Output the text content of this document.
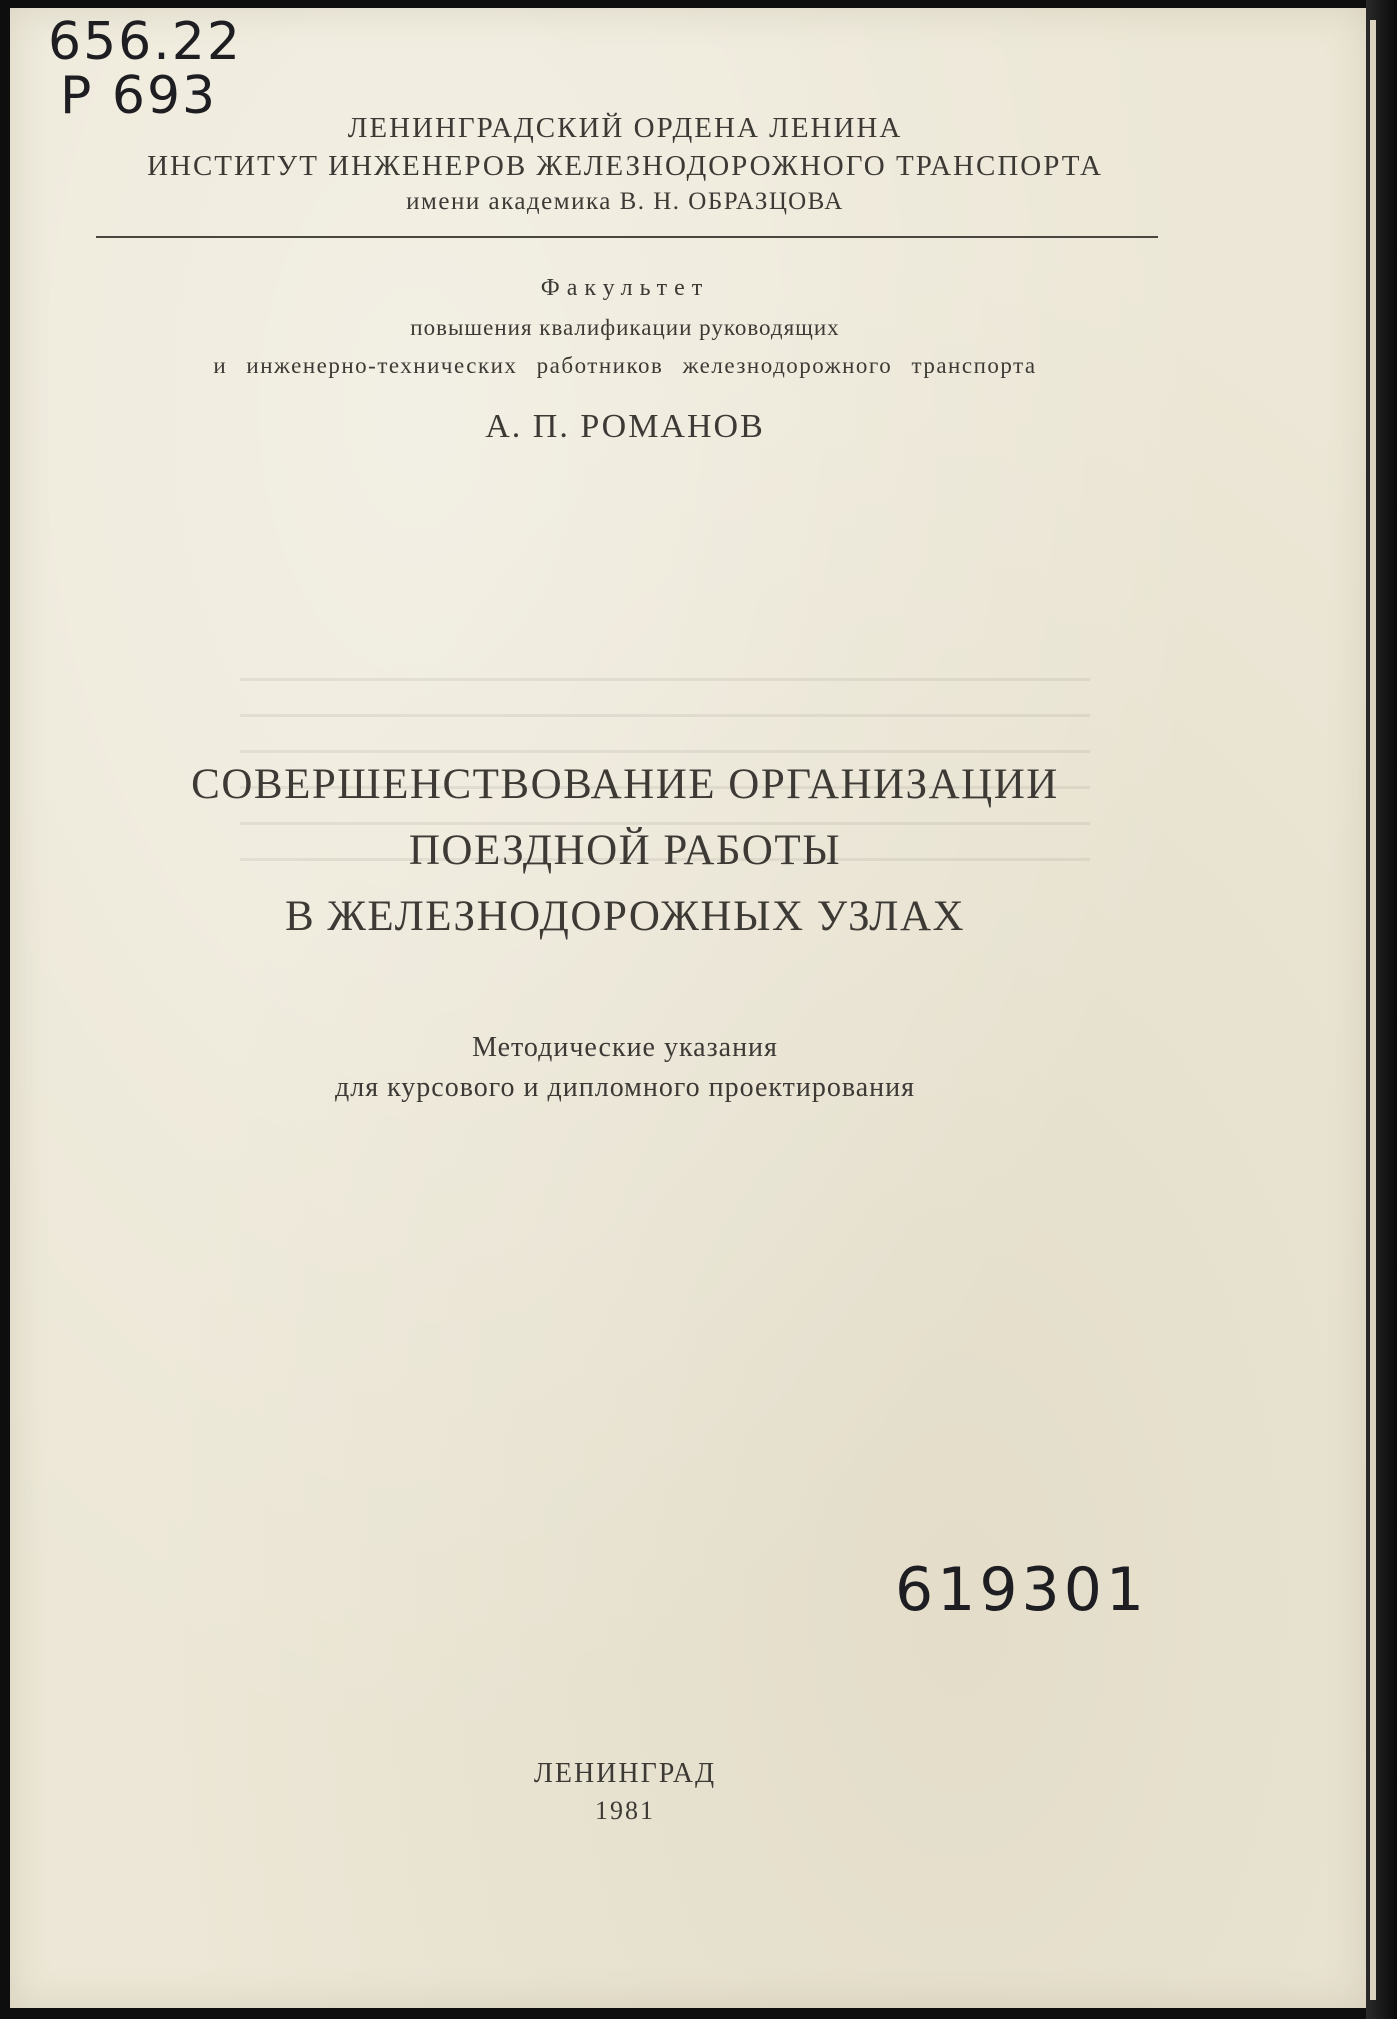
656.22
Р 693
ЛЕНИНГРАДСКИЙ ОРДЕНА ЛЕНИНА
ИНСТИТУТ ИНЖЕНЕРОВ ЖЕЛЕЗНОДОРОЖНОГО ТРАНСПОРТА
имени академика В. Н. ОБРАЗЦОВА
Факультет
повышения квалификации руководящих
и инженерно-технических работников железнодорожного транспорта
А. П. РОМАНОВ
СОВЕРШЕНСТВОВАНИЕ ОРГАНИЗАЦИИ
ПОЕЗДНОЙ РАБОТЫ
В ЖЕЛЕЗНОДОРОЖНЫХ УЗЛАХ
Методические указания
для курсового и дипломного проектирования
619301
ЛЕНИНГРАД
1981
